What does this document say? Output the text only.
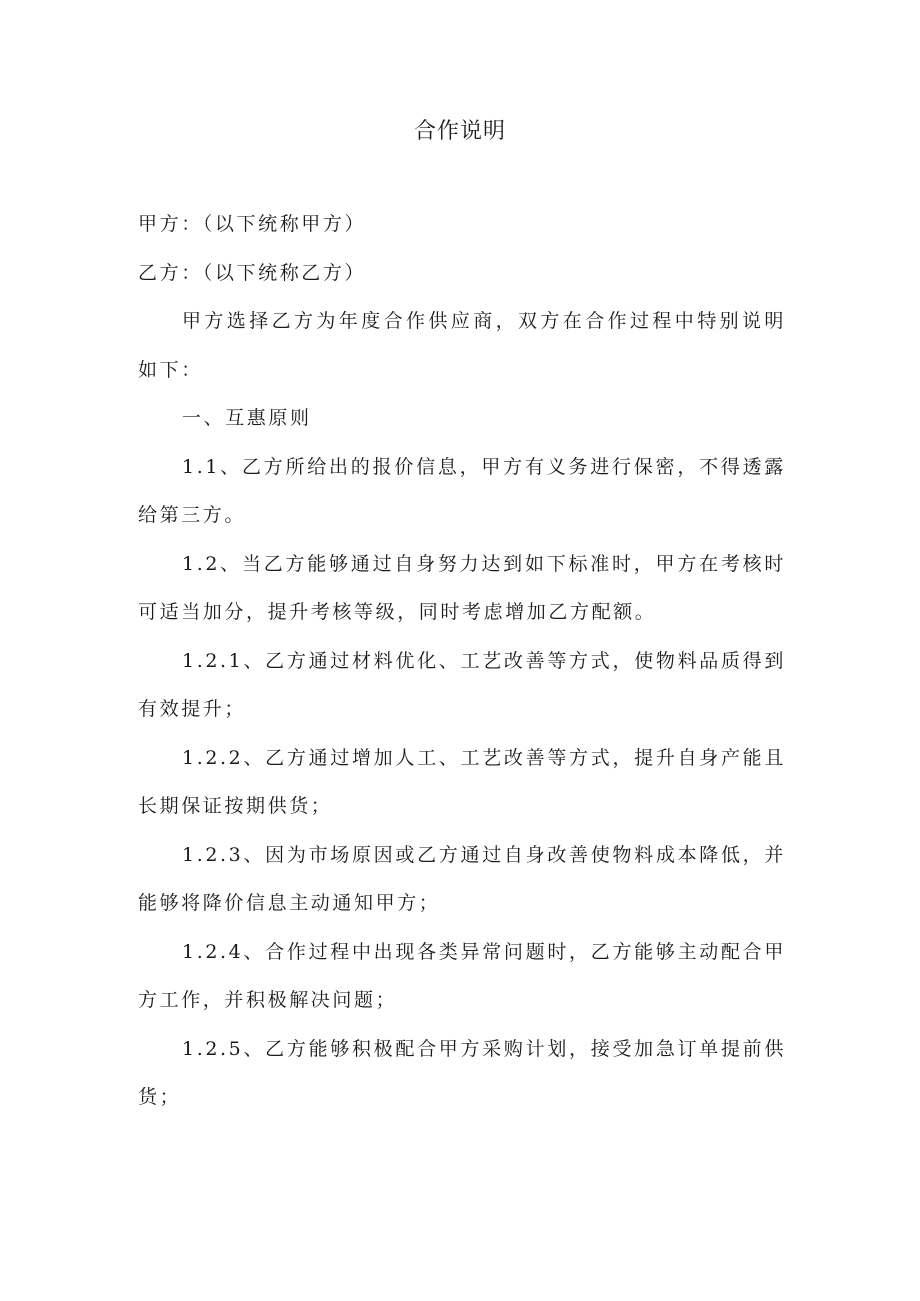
合作说明

甲方：（以下统称甲方）

乙方：（以下统称乙方）

甲方选择乙方为年度合作供应商，双方在合作过程中特别说明如下：

一、互惠原则

1.1、乙方所给出的报价信息，甲方有义务进行保密，不得透露给第三方。

1.2、当乙方能够通过自身努力达到如下标准时，甲方在考核时可适当加分，提升考核等级，同时考虑增加乙方配额。

1.2.1、乙方通过材料优化、工艺改善等方式，使物料品质得到有效提升；

1.2.2、乙方通过增加人工、工艺改善等方式，提升自身产能且长期保证按期供货；

1.2.3、因为市场原因或乙方通过自身改善使物料成本降低，并能够将降价信息主动通知甲方；

1.2.4、合作过程中出现各类异常问题时，乙方能够主动配合甲方工作，并积极解决问题；

1.2.5、乙方能够积极配合甲方采购计划，接受加急订单提前供货；
